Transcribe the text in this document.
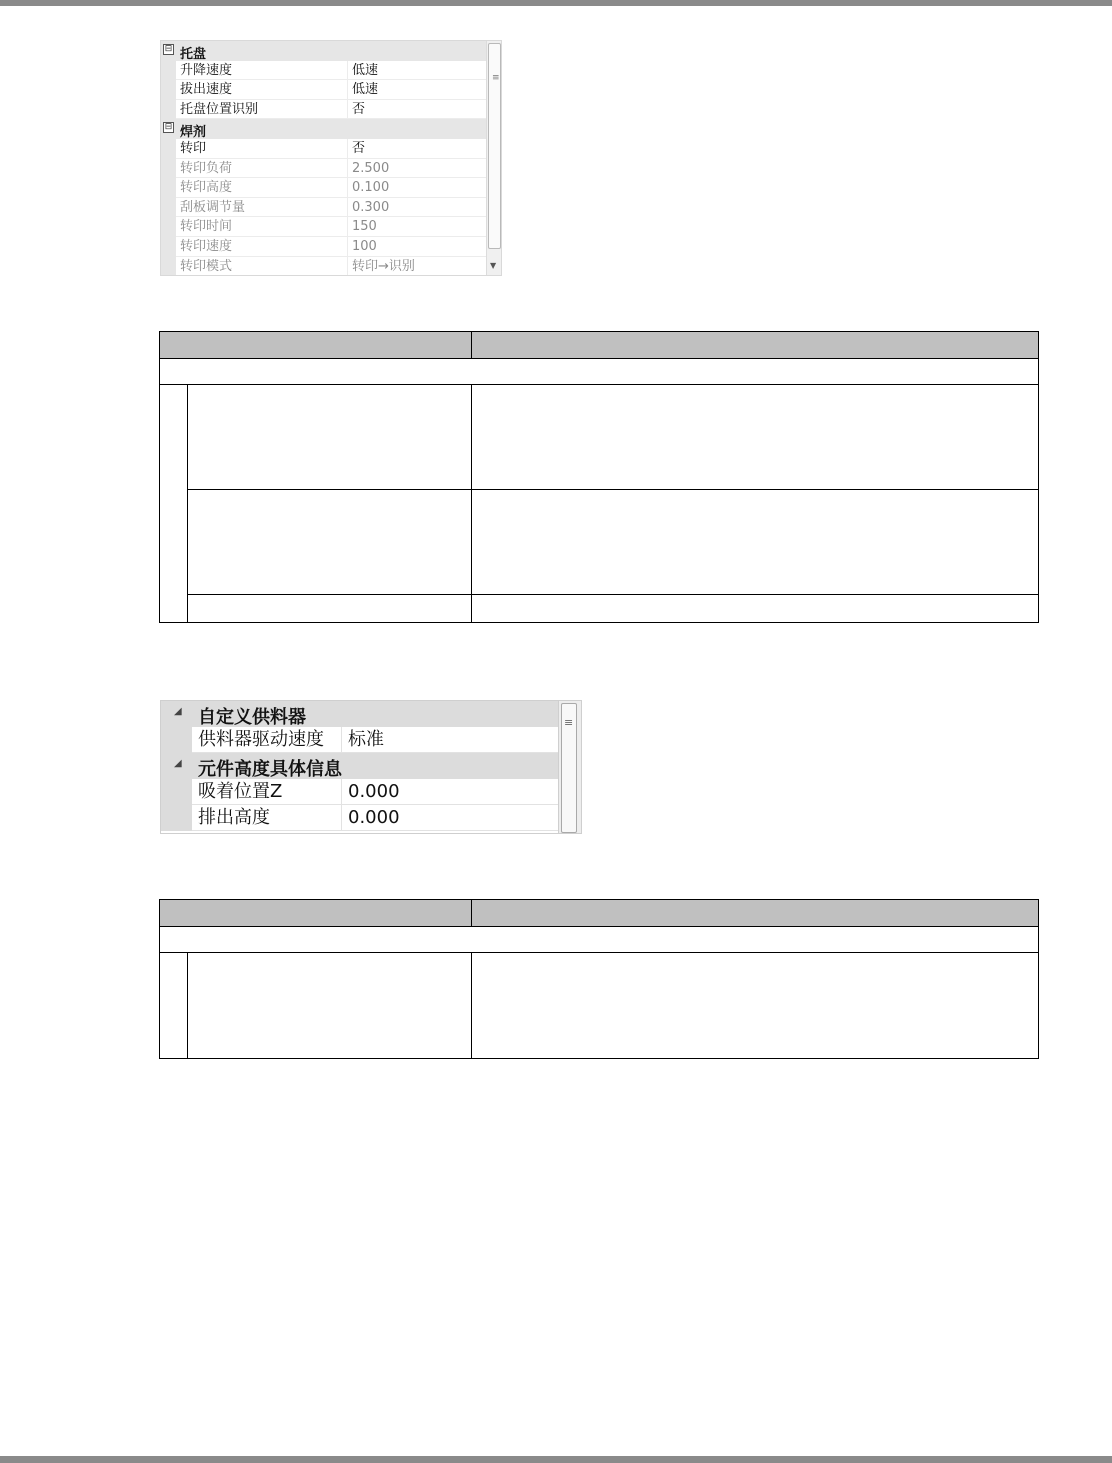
⊟ 托盘
升降速度	低速
拔出速度	低速
托盘位置识别	否
⊟ 焊剂
转印	否
转印负荷	2.500
转印高度	0.100
刮板调节量	0.300
转印时间	150
转印速度	100
转印模式	转印→识别
≡
▼
◢ 自定义供料器
供料器驱动速度	标准
◢ 元件高度具体信息
吸着位置Z	0.000
排出高度	0.000
≡
